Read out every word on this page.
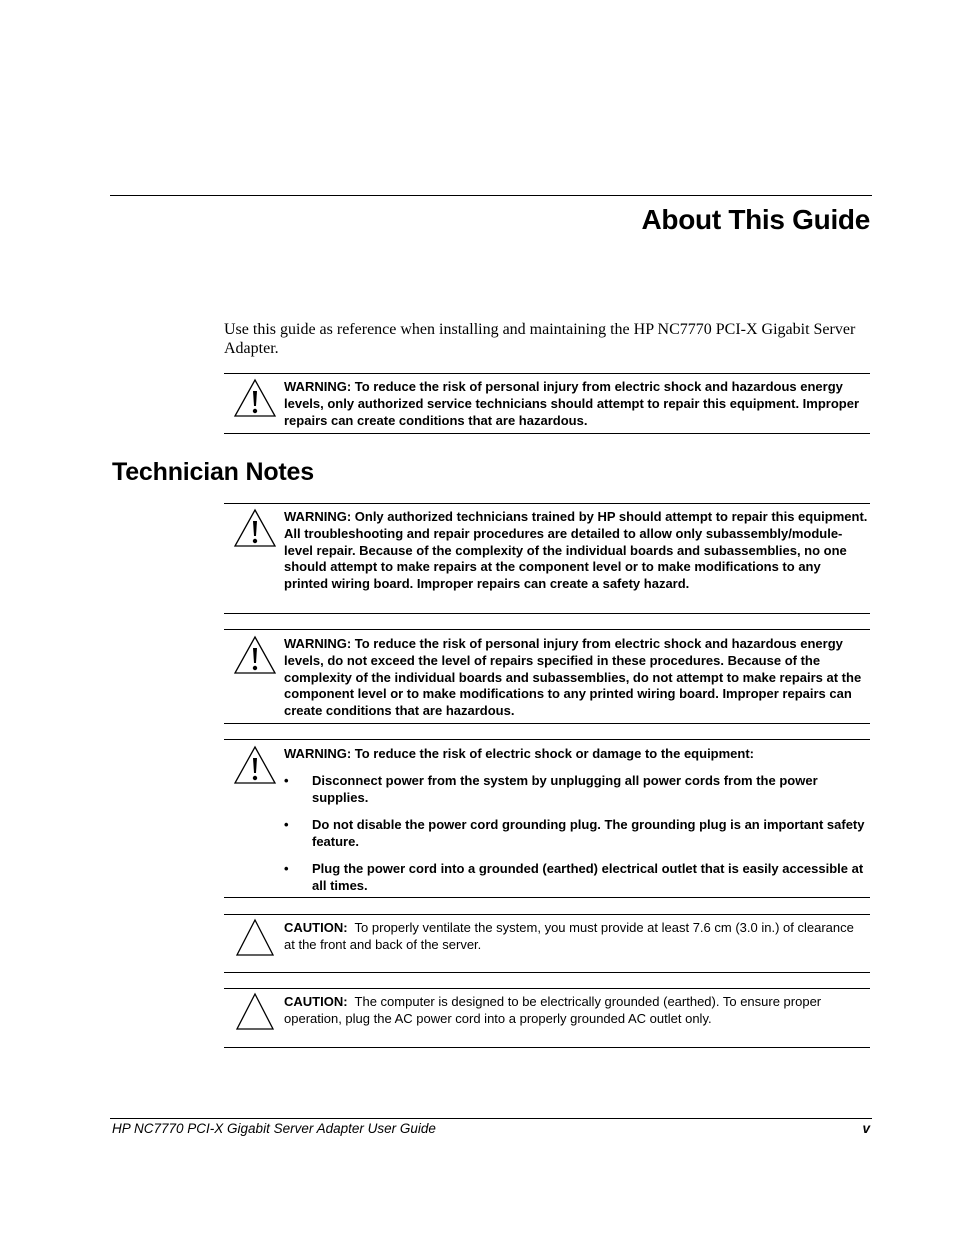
About This Guide

Use this guide as reference when installing and maintaining the HP NC7770 PCI-X Gigabit Server Adapter.

WARNING: To reduce the risk of personal injury from electric shock and hazardous energy levels, only authorized service technicians should attempt to repair this equipment. Improper repairs can create conditions that are hazardous.
Technician Notes
WARNING: Only authorized technicians trained by HP should attempt to repair this equipment. All troubleshooting and repair procedures are detailed to allow only subassembly/module-level repair. Because of the complexity of the individual boards and subassemblies, no one should attempt to make repairs at the component level or to make modifications to any printed wiring board. Improper repairs can create a safety hazard.
WARNING: To reduce the risk of personal injury from electric shock and hazardous energy levels, do not exceed the level of repairs specified in these procedures. Because of the complexity of the individual boards and subassemblies, do not attempt to make repairs at the component level or to make modifications to any printed wiring board. Improper repairs can create conditions that are hazardous.
WARNING: To reduce the risk of electric shock or damage to the equipment:
• Disconnect power from the system by unplugging all power cords from the power supplies.
• Do not disable the power cord grounding plug. The grounding plug is an important safety feature.
• Plug the power cord into a grounded (earthed) electrical outlet that is easily accessible at all times.
CAUTION: To properly ventilate the system, you must provide at least 7.6 cm (3.0 in.) of clearance at the front and back of the server.
CAUTION: The computer is designed to be electrically grounded (earthed). To ensure proper operation, plug the AC power cord into a properly grounded AC outlet only.
HP NC7770 PCI-X Gigabit Server Adapter User Guide	v
